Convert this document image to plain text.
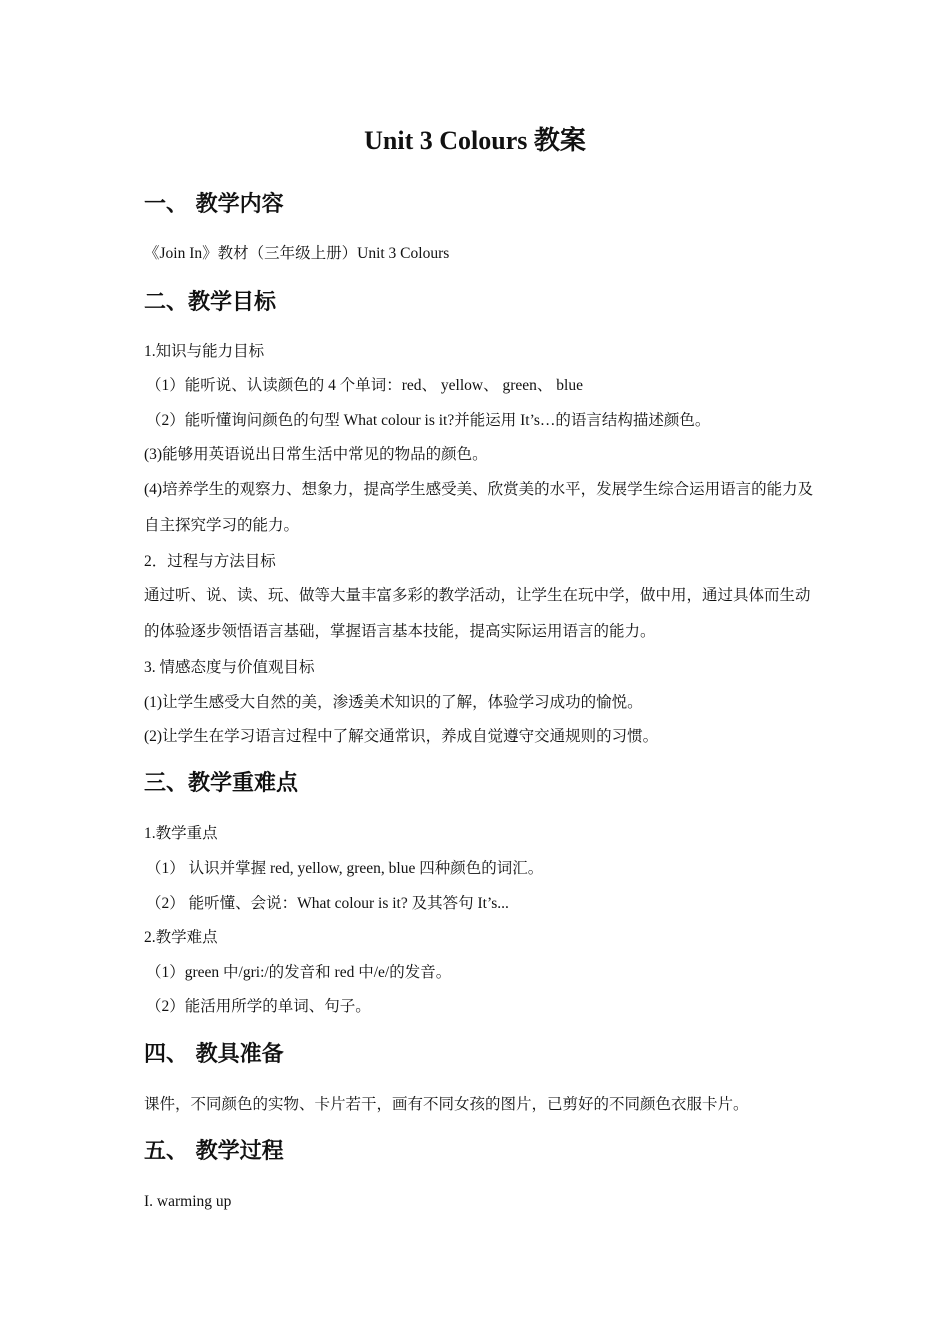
Unit 3 Colours 教案
一、 教学内容
《Join In》教材（三年级上册）Unit 3 Colours
二、教学目标
1.知识与能力目标
（1）能听说、认读颜色的 4 个单词：red、 yellow、 green、 blue
（2）能听懂询问颜色的句型 What colour is it?并能运用 It’s…的语言结构描述颜色。
(3)能够用英语说出日常生活中常见的物品的颜色。
(4)培养学生的观察力、想象力，提高学生感受美、欣赏美的水平，发展学生综合运用语言的能力及自主探究学习的能力。
2．过程与方法目标
通过听、说、读、玩、做等大量丰富多彩的教学活动，让学生在玩中学，做中用，通过具体而生动的体验逐步领悟语言基础，掌握语言基本技能，提高实际运用语言的能力。
3. 情感态度与价值观目标
(1)让学生感受大自然的美，渗透美术知识的了解，体验学习成功的愉悦。
(2)让学生在学习语言过程中了解交通常识，养成自觉遵守交通规则的习惯。
三、教学重难点
1.教学重点
（1） 认识并掌握 red, yellow, green, blue 四种颜色的词汇。
（2） 能听懂、会说：What colour is it? 及其答句 It’s...
2.教学难点
（1）green 中/gri:/的发音和 red 中/e/的发音。
（2）能活用所学的单词、句子。
四、 教具准备
课件，不同颜色的实物、卡片若干，画有不同女孩的图片，已剪好的不同颜色衣服卡片。
五、 教学过程
I. warming up
